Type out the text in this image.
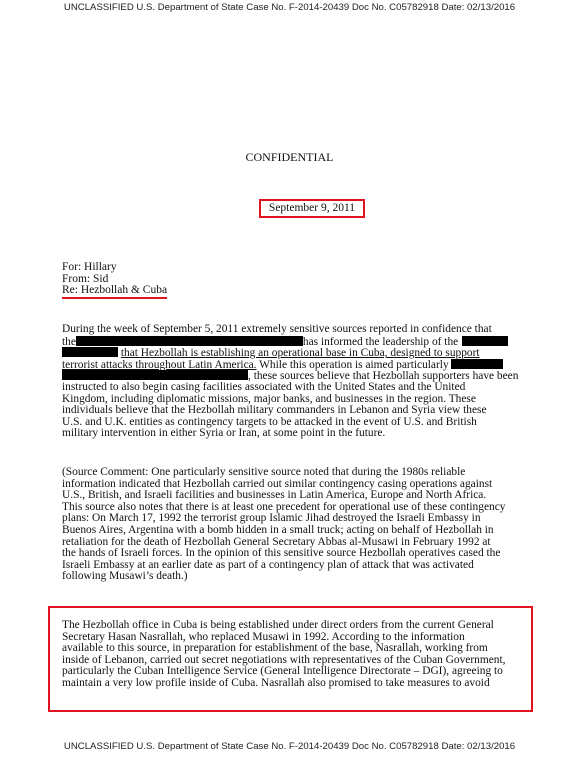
UNCLASSIFIED U.S. Department of State Case No. F-2014-20439 Doc No. C05782918 Date: 02/13/2016
CONFIDENTIAL
September 9, 2011
For: Hillary
From: Sid
Re: Hezbollah & Cuba
During the week of September 5, 2011 extremely sensitive sources reported in confidence that
the	has informed the leadership of the
that Hezbollah is establishing an operational base in Cuba, designed to support
terrorist attacks throughout Latin America. While this operation is aimed particularly
, these sources believe that Hezbollah supporters have been
instructed to also begin casing facilities associated with the United States and the United
Kingdom, including diplomatic missions, major banks, and businesses in the region. These
individuals believe that the Hezbollah military commanders in Lebanon and Syria view these
U.S. and U.K. entities as contingency targets to be attacked in the event of U.S. and British
military intervention in either Syria or Iran, at some point in the future.
(Source Comment: One particularly sensitive source noted that during the 1980s reliable
information indicated that Hezbollah carried out similar contingency casing operations against
U.S., British, and Israeli facilities and businesses in Latin America, Europe and North Africa.
This source also notes that there is at least one precedent for operational use of these contingency
plans: On March 17, 1992 the terrorist group Islamic Jihad destroyed the Israeli Embassy in
Buenos Aires, Argentina with a bomb hidden in a small truck; acting on behalf of Hezbollah in
retaliation for the death of Hezbollah General Secretary Abbas al-Musawi in February 1992 at
the hands of Israeli forces. In the opinion of this sensitive source Hezbollah operatives cased the
Israeli Embassy at an earlier date as part of a contingency plan of attack that was activated
following Musawi’s death.)
The Hezbollah office in Cuba is being established under direct orders from the current General
Secretary Hasan Nasrallah, who replaced Musawi in 1992. According to the information
available to this source, in preparation for establishment of the base, Nasrallah, working from
inside of Lebanon, carried out secret negotiations with representatives of the Cuban Government,
particularly the Cuban Intelligence Service (General Intelligence Directorate – DGI), agreeing to
maintain a very low profile inside of Cuba. Nasrallah also promised to take measures to avoid
UNCLASSIFIED U.S. Department of State Case No. F-2014-20439 Doc No. C05782918 Date: 02/13/2016
